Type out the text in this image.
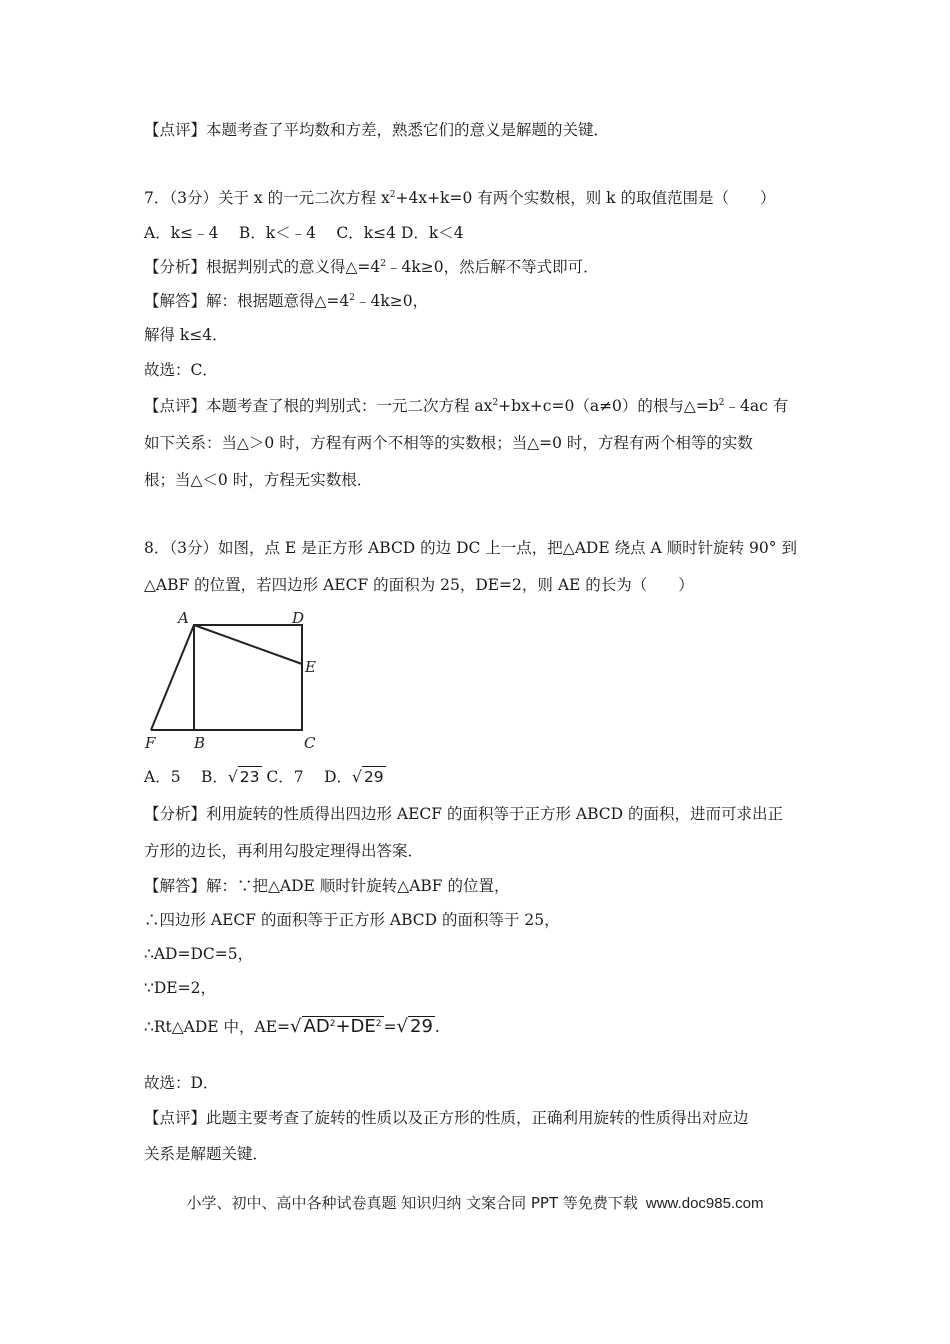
【点评】本题考查了平均数和方差，熟悉它们的意义是解题的关键．
7．（3分）关于 x 的一元二次方程 $x^2+4x+k=0$ 有两个实数根，则 k 的取值范围是（　　）
A．k≤﹣4　 B．k＜﹣4　 C．k≤4 D．k＜4
【分析】根据判别式的意义得$\triangle=4^2﹣4k\ge 0$，然后解不等式即可．
【解答】解：根据题意得$\triangle=4^2﹣4k\ge 0$，
解得 k≤4．
故选：C．
【点评】本题考查了根的判别式：一元二次方程 $ax^2+bx+c=0(a\ne 0)$的根与$\triangle=b^2﹣4ac$ 有
如下关系：当△＞0 时，方程有两个不相等的实数根；当△=0 时，方程有两个相等的实数
根；当△＜0 时，方程无实数根．
8．（3分）如图，点 E 是正方形 ABCD 的边 DC 上一点，把△ADE 绕点 A 顺时针旋转 90° 到
△ABF 的位置，若四边形 AECF 的面积为 25，DE=2，则 AE 的长为（　　）
A	D
E
F	B	C
A．5　 B．√ 23 C．7　 D．√ 29
【分析】利用旋转的性质得出四边形 AECF 的面积等于正方形 ABCD 的面积，进而可求出正
方形的边长，再利用勾股定理得出答案．
【解答】解：∵把△ADE 顺时针旋转△ABF 的位置，
∴四边形 AECF 的面积等于正方形 ABCD 的面积等于 25，
∴AD=DC=5，
∵DE=2，
∴Rt△ADE 中，AE=√ $AD^2+DE^2$ =√ 29 .
故选：D．
【点评】此题主要考查了旋转的性质以及正方形的性质，正确利用旋转的性质得出对应边
关系是解题关键．
小学、初中、高中各种试卷真题 知识归纳 文案合同 PPT 等免费下载 www.doc985.com
